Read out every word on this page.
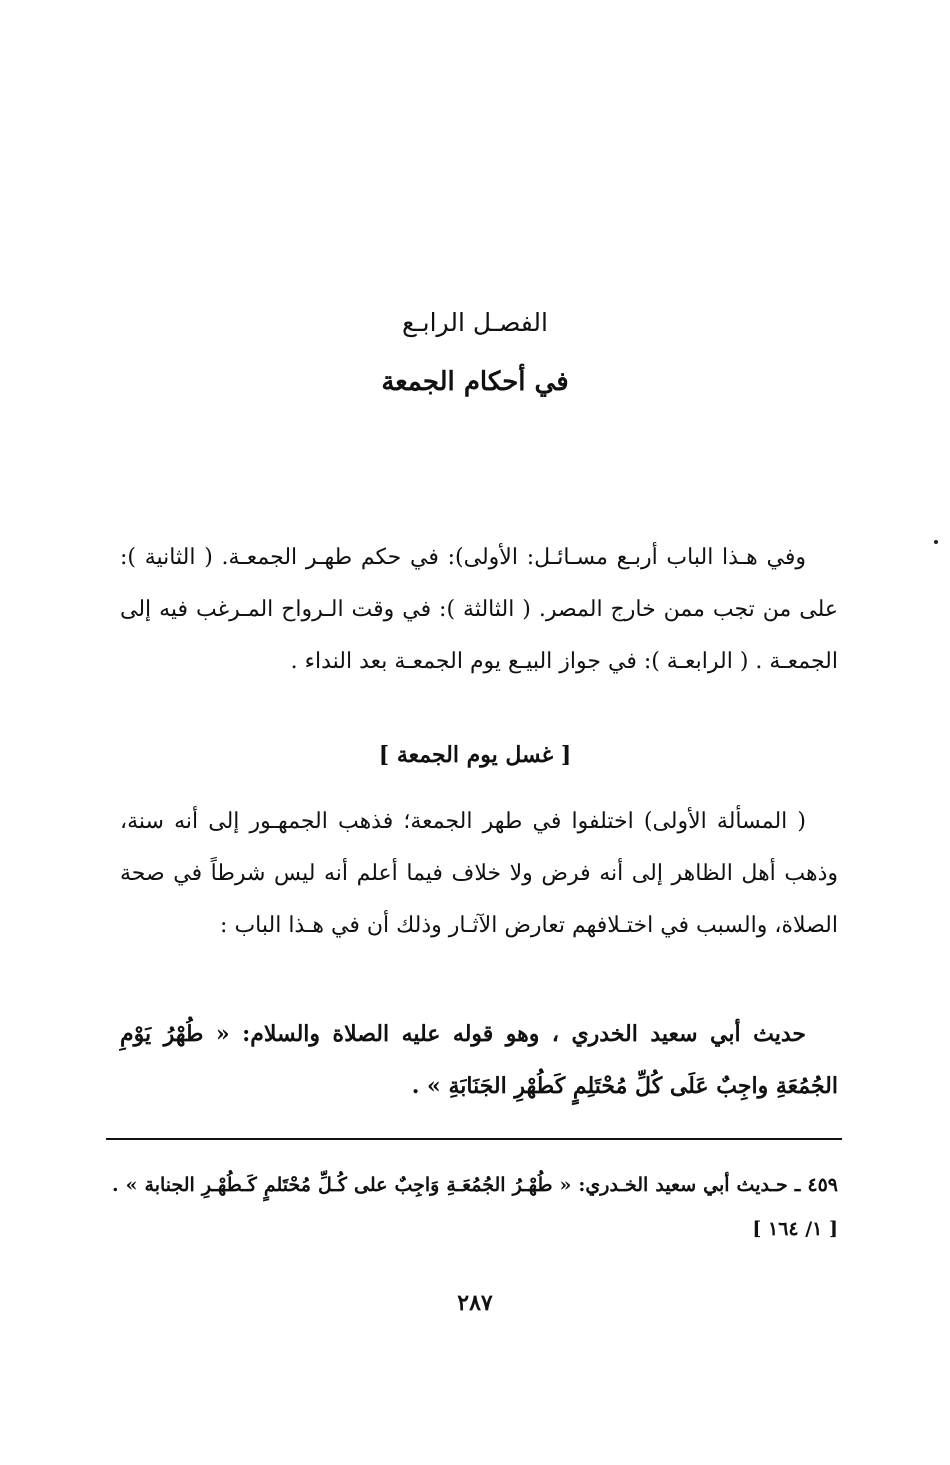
الفصـل الرابـع
في أحكام الجمعة
وفي هـذا الباب أربـع مسـائـل: الأولى): في حكم طهـر الجمعـة. ( الثانية ): على من تجب ممن خارج المصر. ( الثالثة ): في وقت الـرواح المـرغب فيه إلى الجمعـة . ( الرابعـة ): في جواز البيـع يوم الجمعـة بعد النداء .
[ غسل يوم الجمعة ]
( المسألة الأولى) اختلفوا في طهر الجمعة؛ فذهب الجمهـور إلى أنه سنة، وذهب أهل الظاهر إلى أنه فرض ولا خلاف فيما أعلم أنه ليس شرطاً في صحة الصلاة، والسبب في اختـلافهم تعارض الآثـار وذلك أن في هـذا الباب :
حديث أبي سعيد الخدري ، وهو قوله عليه الصلاة والسلام: « طُهْرُ يَوْمِ الجُمُعَةِ واجِبٌ عَلَى كُلِّ مُحْتَلِمٍ كَطُهْرِ الجَنَابَةِ » .
٤٥٩ ـ حـديث أبي سعيد الخـدري: « طُهْـرُ الجُمُعَـةِ وَاجِبٌ على كُـلِّ مُحْتَلمٍ كَـطُهْـرِ الجنابة » . [ ١/ ١٦٤ ]
٢٨٧
